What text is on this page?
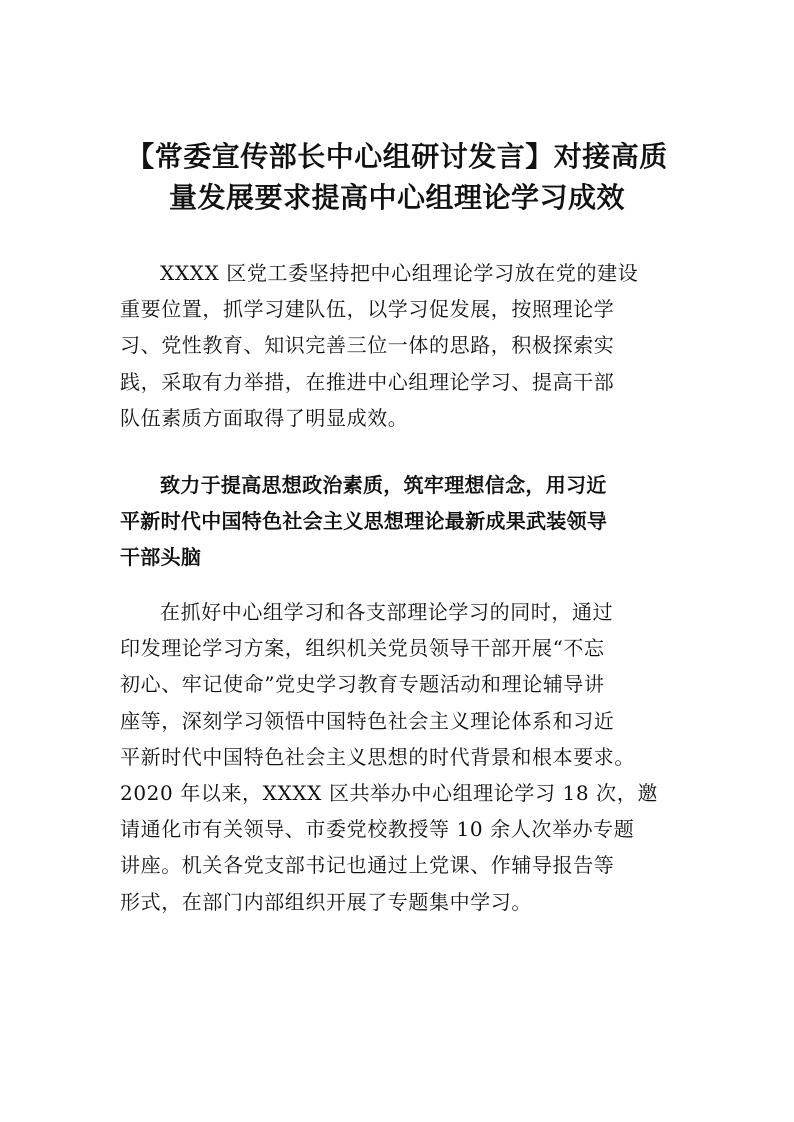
【常委宣传部长中心组研讨发言】对接高质
量发展要求提高中心组理论学习成效

XXXX 区党工委坚持把中心组理论学习放在党的建设
重要位置，抓学习建队伍，以学习促发展，按照理论学
习、党性教育、知识完善三位一体的思路，积极探索实
践，采取有力举措，在推进中心组理论学习、提高干部
队伍素质方面取得了明显成效。

致力于提高思想政治素质，筑牢理想信念，用习近
平新时代中国特色社会主义思想理论最新成果武装领导
干部头脑

在抓好中心组学习和各支部理论学习的同时，通过
印发理论学习方案，组织机关党员领导干部开展“不忘
初心、牢记使命”党史学习教育专题活动和理论辅导讲
座等，深刻学习领悟中国特色社会主义理论体系和习近
平新时代中国特色社会主义思想的时代背景和根本要求。
2020 年以来，XXXX 区共举办中心组理论学习 18 次，邀
请通化市有关领导、市委党校教授等 10 余人次举办专题
讲座。机关各党支部书记也通过上党课、作辅导报告等
形式，在部门内部组织开展了专题集中学习。
